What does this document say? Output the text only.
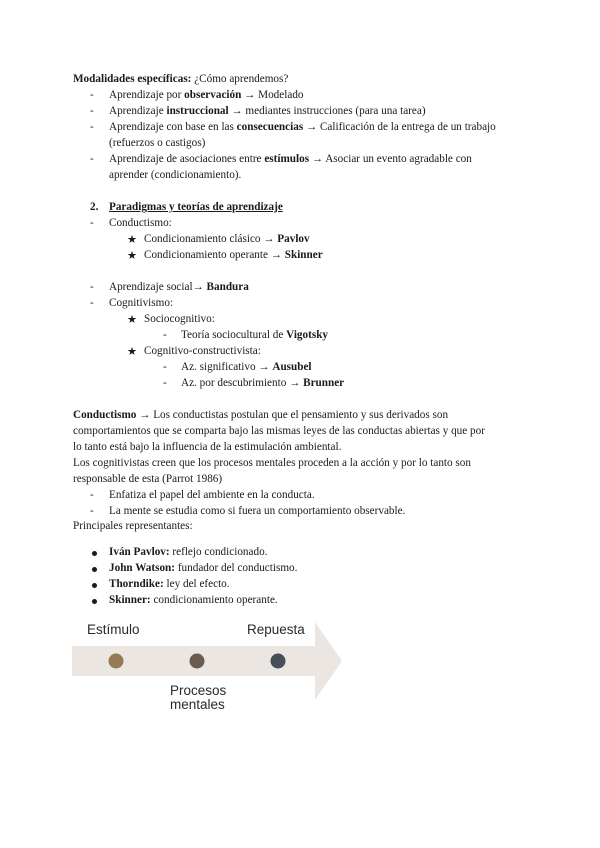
Modalidades específicas: ¿Cómo aprendemos?
- Aprendizaje por observación → Modelado
- Aprendizaje instruccional → mediantes instrucciones (para una tarea)
- Aprendizaje con base en las consecuencias → Calificación de la entrega de un trabajo
(refuerzos o castigos)
- Aprendizaje de asociaciones entre estímulos → Asociar un evento agradable con
aprender (condicionamiento).
2. Paradigmas y teorías de aprendizaje
- Conductismo:
★ Condicionamiento clásico → Pavlov
★ Condicionamiento operante → Skinner
- Aprendizaje social→ Bandura
- Cognitivismo:
★ Sociocognitivo:
- Teoría sociocultural de Vigotsky
★ Cognitivo-constructivista:
- Az. significativo → Ausubel
- Az. por descubrimiento → Brunner
Conductismo → Los conductistas postulan que el pensamiento y sus derivados son
comportamientos que se comparta bajo las mismas leyes de las conductas abiertas y que por
lo tanto está bajo la influencia de la estimulación ambiental.
Los cognitivistas creen que los procesos mentales proceden a la acción y por lo tanto son
responsable de esta (Parrot 1986)
- Enfatiza el papel del ambiente en la conducta.
- La mente se estudia como si fuera un comportamiento observable.
Principales representantes:
Iván Pavlov: reflejo condicionado.
John Watson: fundador del conductismo.
Thorndike: ley del efecto.
Skinner: condicionamiento operante.
Estímulo	Repuesta
Procesos
mentales
